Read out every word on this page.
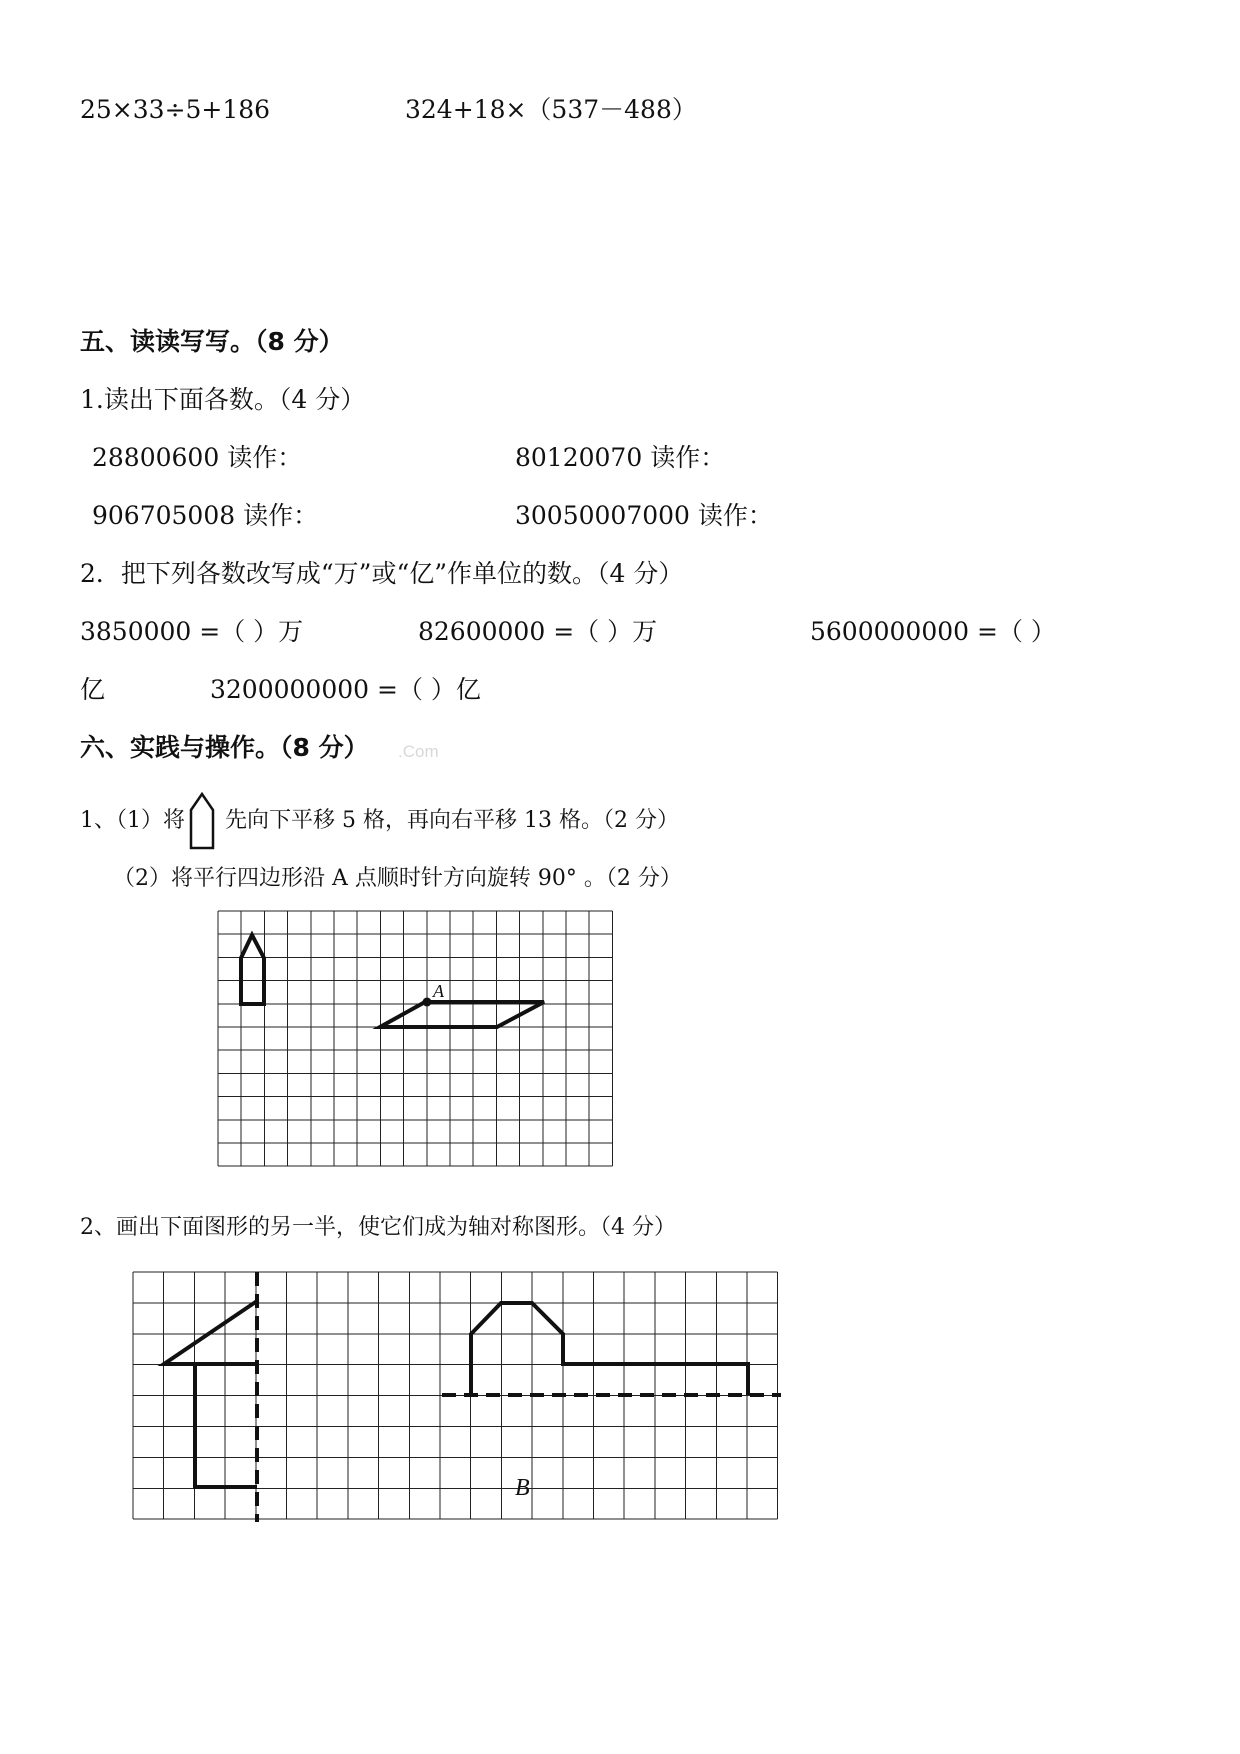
25×33÷5+186	324+18×（537－488）
五、读读写写。（8 分）
1.读出下面各数。（4 分）
28800600 读作：	80120070 读作：
906705008 读作：	30050007000 读作：
2．把下列各数改写成“万”或“亿”作单位的数。（4 分）
3850000 =（ ）万	82600000 =（ ）万	5600000000 =（ ）
亿	3200000000 =（ ）亿
六、实践与操作。（8 分） .Com
1、（1）将 先向下平移 5 格，再向右平移 13 格。（2 分）
（2）将平行四边形沿 A 点顺时针方向旋转 90° 。（2 分）
A
2、画出下面图形的另一半，使它们成为轴对称图形。（4 分）
B
